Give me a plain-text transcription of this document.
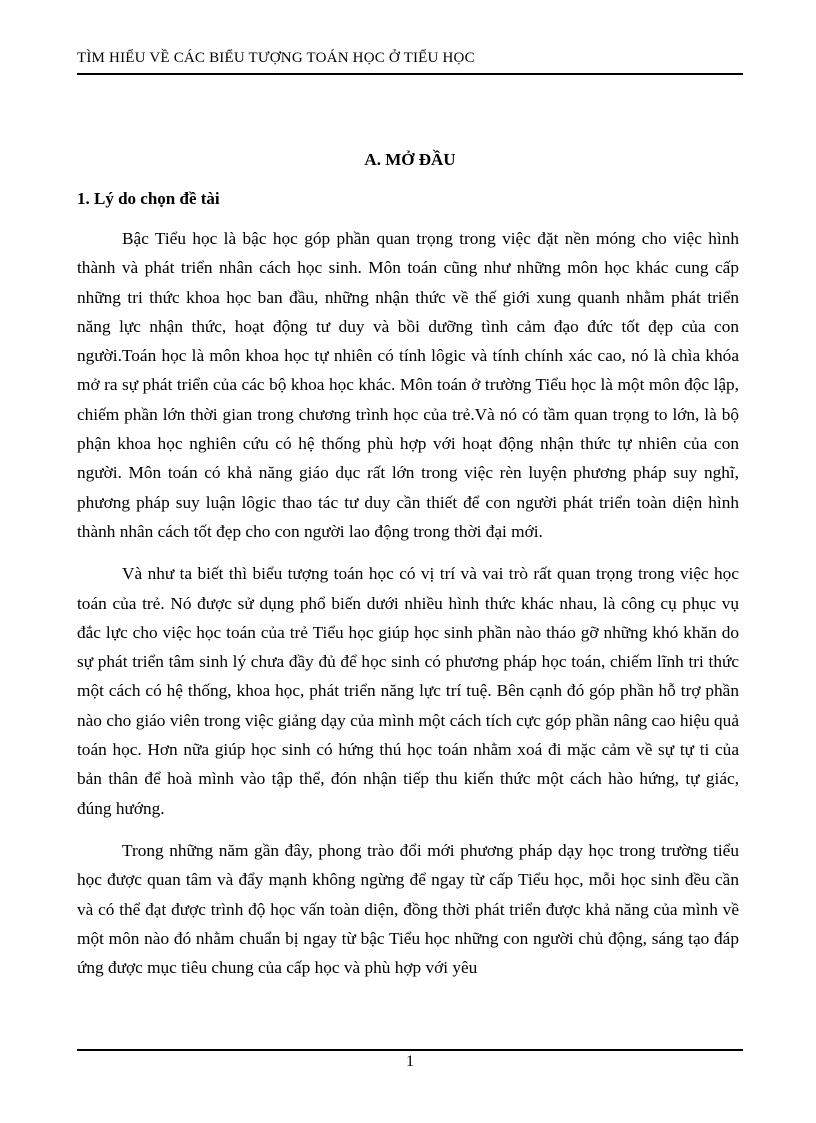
TÌM HIỂU VỀ CÁC BIỂU TƯỢNG TOÁN HỌC Ở TIỂU HỌC
A. MỞ ĐẦU
1. Lý do chọn đề tài

Bậc Tiểu học là bậc học góp phần quan trọng trong việc đặt nền móng cho việc hình thành và phát triển nhân cách học sinh. Môn toán cũng như những môn học khác cung cấp những tri thức khoa học ban đầu, những nhận thức về thế giới xung quanh nhằm phát triển năng lực nhận thức, hoạt động tư duy và bồi dưỡng tình cảm đạo đức tốt đẹp của con người.Toán học là môn khoa học tự nhiên có tính lôgic và tính chính xác cao, nó là chìa khóa mở ra sự phát triển của các bộ khoa học khác. Môn toán ở trường Tiểu học là một môn độc lập, chiếm phần lớn thời gian trong chương trình học của trẻ.Và nó có tầm quan trọng to lớn, là bộ phận khoa học nghiên cứu có hệ thống phù hợp với hoạt động nhận thức tự nhiên của con người. Môn toán có khả năng giáo dục rất lớn trong việc rèn luyện phương pháp suy nghĩ, phương pháp suy luận lôgic thao tác tư duy cần thiết để con người phát triển toàn diện hình thành nhân cách tốt đẹp cho con người lao động trong thời đại mới.

Và như ta biết thì biểu tượng toán học có vị trí và vai trò rất quan trọng trong việc học toán của trẻ. Nó được sử dụng phổ biến dưới nhiều hình thức khác nhau, là công cụ phục vụ đắc lực cho việc học toán của trẻ Tiểu học giúp học sinh phần nào tháo gỡ những khó khăn do sự phát triển tâm sinh lý chưa đầy đủ để học sinh có phương pháp học toán, chiếm lĩnh tri thức một cách có hệ thống, khoa học, phát triển năng lực trí tuệ. Bên cạnh đó góp phần hỗ trợ phần nào cho giáo viên trong việc giảng dạy của mình một cách tích cực góp phần nâng cao hiệu quả toán học. Hơn nữa giúp học sinh có hứng thú học toán nhằm xoá đi mặc cảm về sự tự ti của bản thân để hoà mình vào tập thể, đón nhận tiếp thu kiến thức một cách hào hứng, tự giác, đúng hướng.

Trong những năm gần đây, phong trào đổi mới phương pháp dạy học trong trường tiểu học được quan tâm và đẩy mạnh không ngừng để ngay từ cấp Tiểu học, mỗi học sinh đều cần và có thể đạt được trình độ học vấn toàn diện, đồng thời phát triển được khả năng của mình về một môn nào đó nhằm chuẩn bị ngay từ bậc Tiểu học những con người chủ động, sáng tạo đáp ứng được mục tiêu chung của cấp học và phù hợp với yêu

1
